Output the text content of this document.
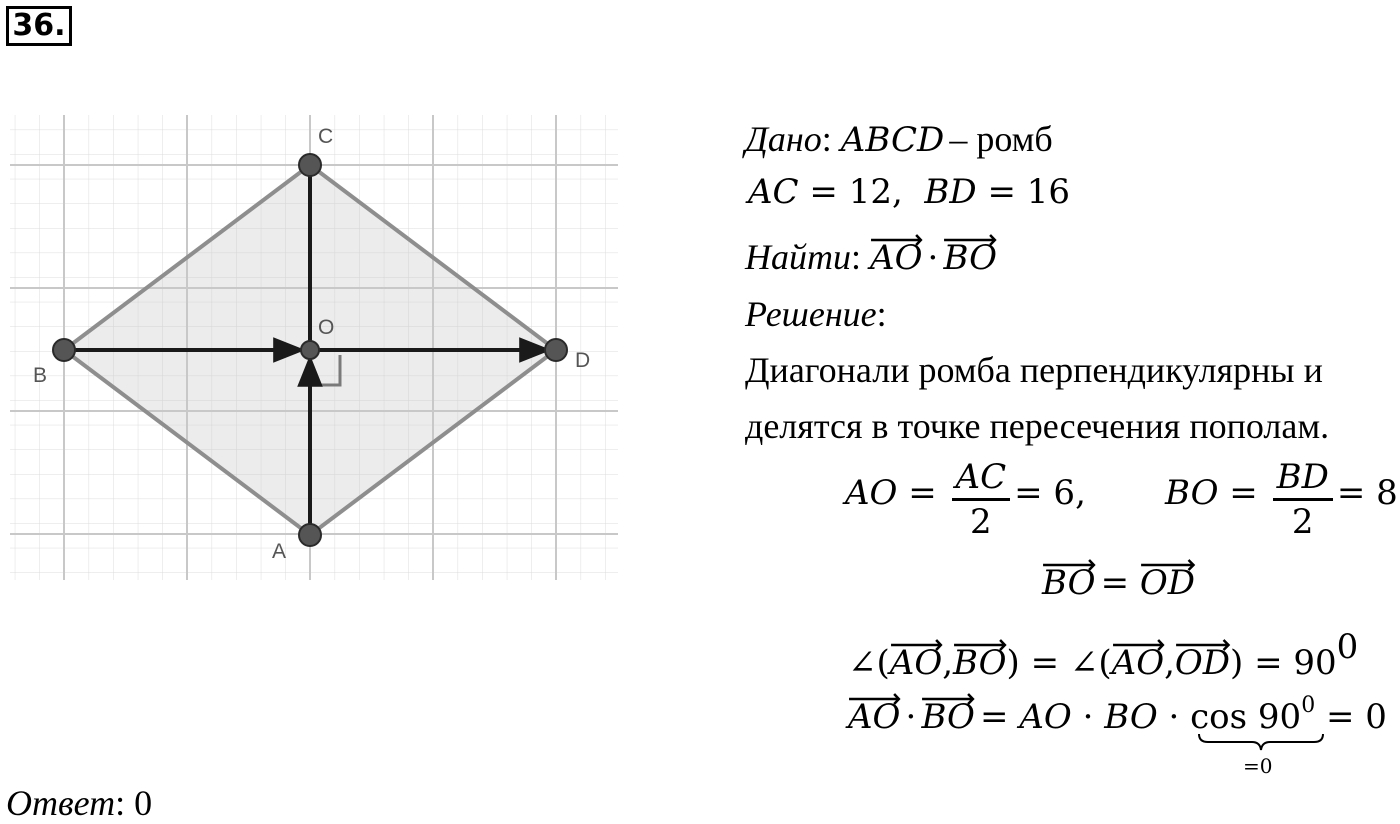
36.
C
D
A
B
O
Дано: ABCD – ромб
AC = 12,  BD = 16
Найти:
AO · BO
Решение:
Диагонали ромба перпендикулярны и
делятся в точке пересечения пополам.
AO = $\frac{AC}{2} = 6$, BO = $\frac{BD}{2} = 8$
BO =
OD
∠(
AO,
BO) = ∠(
AO,
$OD) = 90^0$
AO · BO = AO · BO · $\cos 90^0 = 0$
=0
Ответ: 0
